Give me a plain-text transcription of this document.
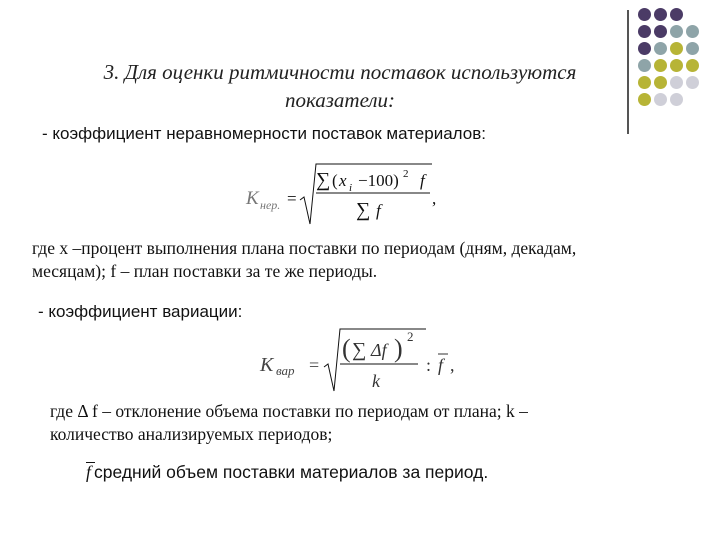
3. Для оценки ритмичности поставок используются
показатели:
- коэффициент неравномерности поставок материалов:
K нер. =
∑ ( x i −100) 2 f
∑ f
,
где х –процент выполнения плана поставки по периодам (дням, декадам,
месяцам); f – план поставки за те же периоды.
- коэффициент вариации:
K вар =
( ∑ Δf ) 2
k
: f ,
где Δ f – отклонение объема поставки по периодам от плана; k –
количество анализируемых периодов;
f средний объем поставки материалов за период.
